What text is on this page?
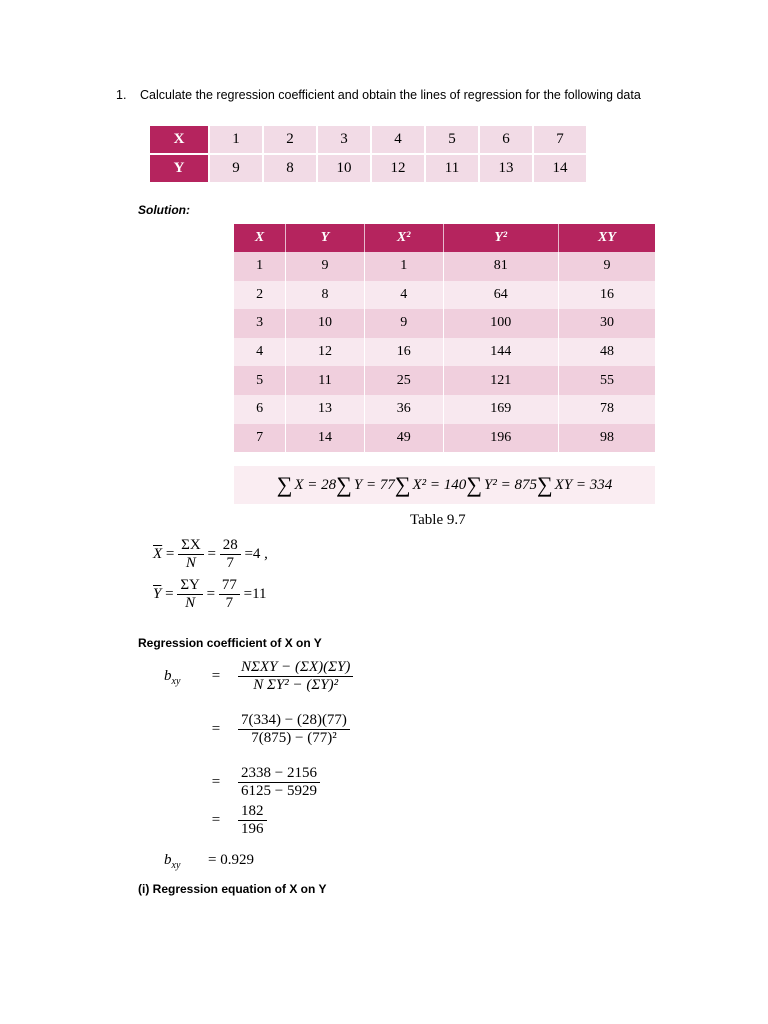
1. Calculate the regression coefficient and obtain the lines of regression for the following data
X	1	2	3	4	5	6	7
Y	9	8	10	12	11	13	14
Solution:
X	Y	X²	Y²	XY
1	9	1	81	9
2	8	4	64	16
3	10	9	100	30
4	12	16	144	48
5	11	25	121	55
6	13	36	169	78
7	14	49	196	98
∑ X = 28 ∑ Y = 77 ∑ X² = 140 ∑ Y² = 875 ∑ XY = 334
Table 9.7
$\overline{X} = \frac{\Sigma X}{N} = \frac{28}{7} =4$ ,
$\overline{Y} = \frac{\Sigma Y}{N} = \frac{77}{7} =11$
Regression coefficient of X on Y
$b_{xy} = \frac{\text{NΣXY − (ΣX)(ΣY)}}{\text{N ΣY² − (ΣY)²}}$
= $\frac{7(334) - (28)(77)}{\text{7(875) − (77)²}}$
= $\frac{2338 - 2156}{6125 - 5929}$
= $\frac{182}{196}$
$b_{xy} = 0.929$
(i) Regression equation of X on Y
